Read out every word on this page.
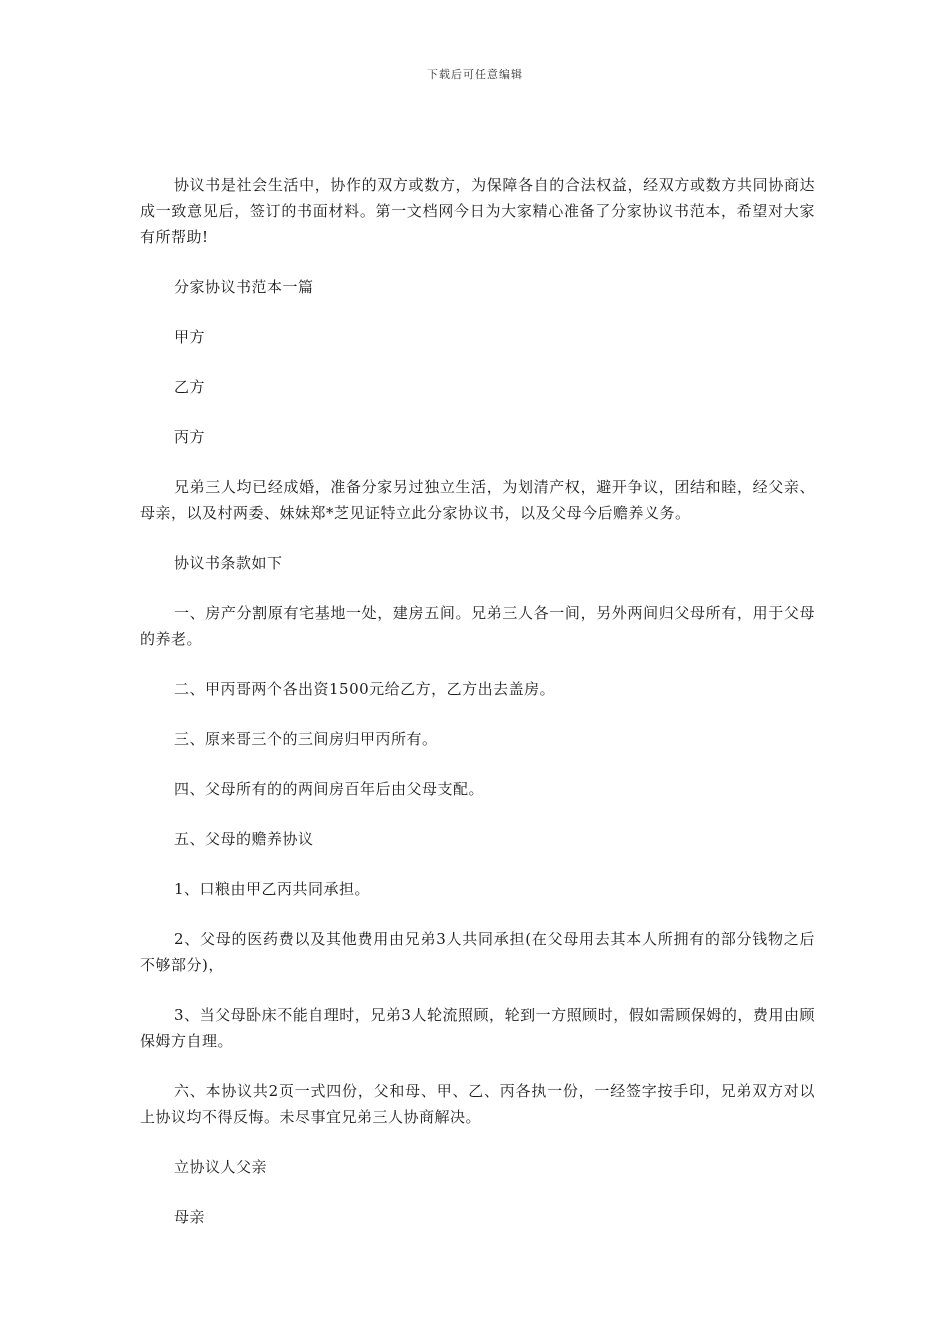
下载后可任意编辑

协议书是社会生活中，协作的双方或数方，为保障各自的合法权益，经双方或数方共同协商达成一致意见后，签订的书面材料。第一文档网今日为大家精心准备了分家协议书范本，希望对大家有所帮助!

分家协议书范本一篇

甲方

乙方

丙方

兄弟三人均已经成婚，准备分家另过独立生活，为划清产权，避开争议，团结和睦，经父亲、母亲，以及村两委、妹妹郑*芝见证特立此分家协议书，以及父母今后赡养义务。

协议书条款如下

一、房产分割原有宅基地一处，建房五间。兄弟三人各一间，另外两间归父母所有，用于父母的养老。

二、甲丙哥两个各出资1500元给乙方，乙方出去盖房。

三、原来哥三个的三间房归甲丙所有。

四、父母所有的的两间房百年后由父母支配。

五、父母的赡养协议

1、口粮由甲乙丙共同承担。

2、父母的医药费以及其他费用由兄弟3人共同承担(在父母用去其本人所拥有的部分钱物之后不够部分)，

3、当父母卧床不能自理时，兄弟3人轮流照顾，轮到一方照顾时，假如需顾保姆的，费用由顾保姆方自理。

六、本协议共2页一式四份，父和母、甲、乙、丙各执一份，一经签字按手印，兄弟双方对以上协议均不得反悔。未尽事宜兄弟三人协商解决。

立协议人父亲

母亲
